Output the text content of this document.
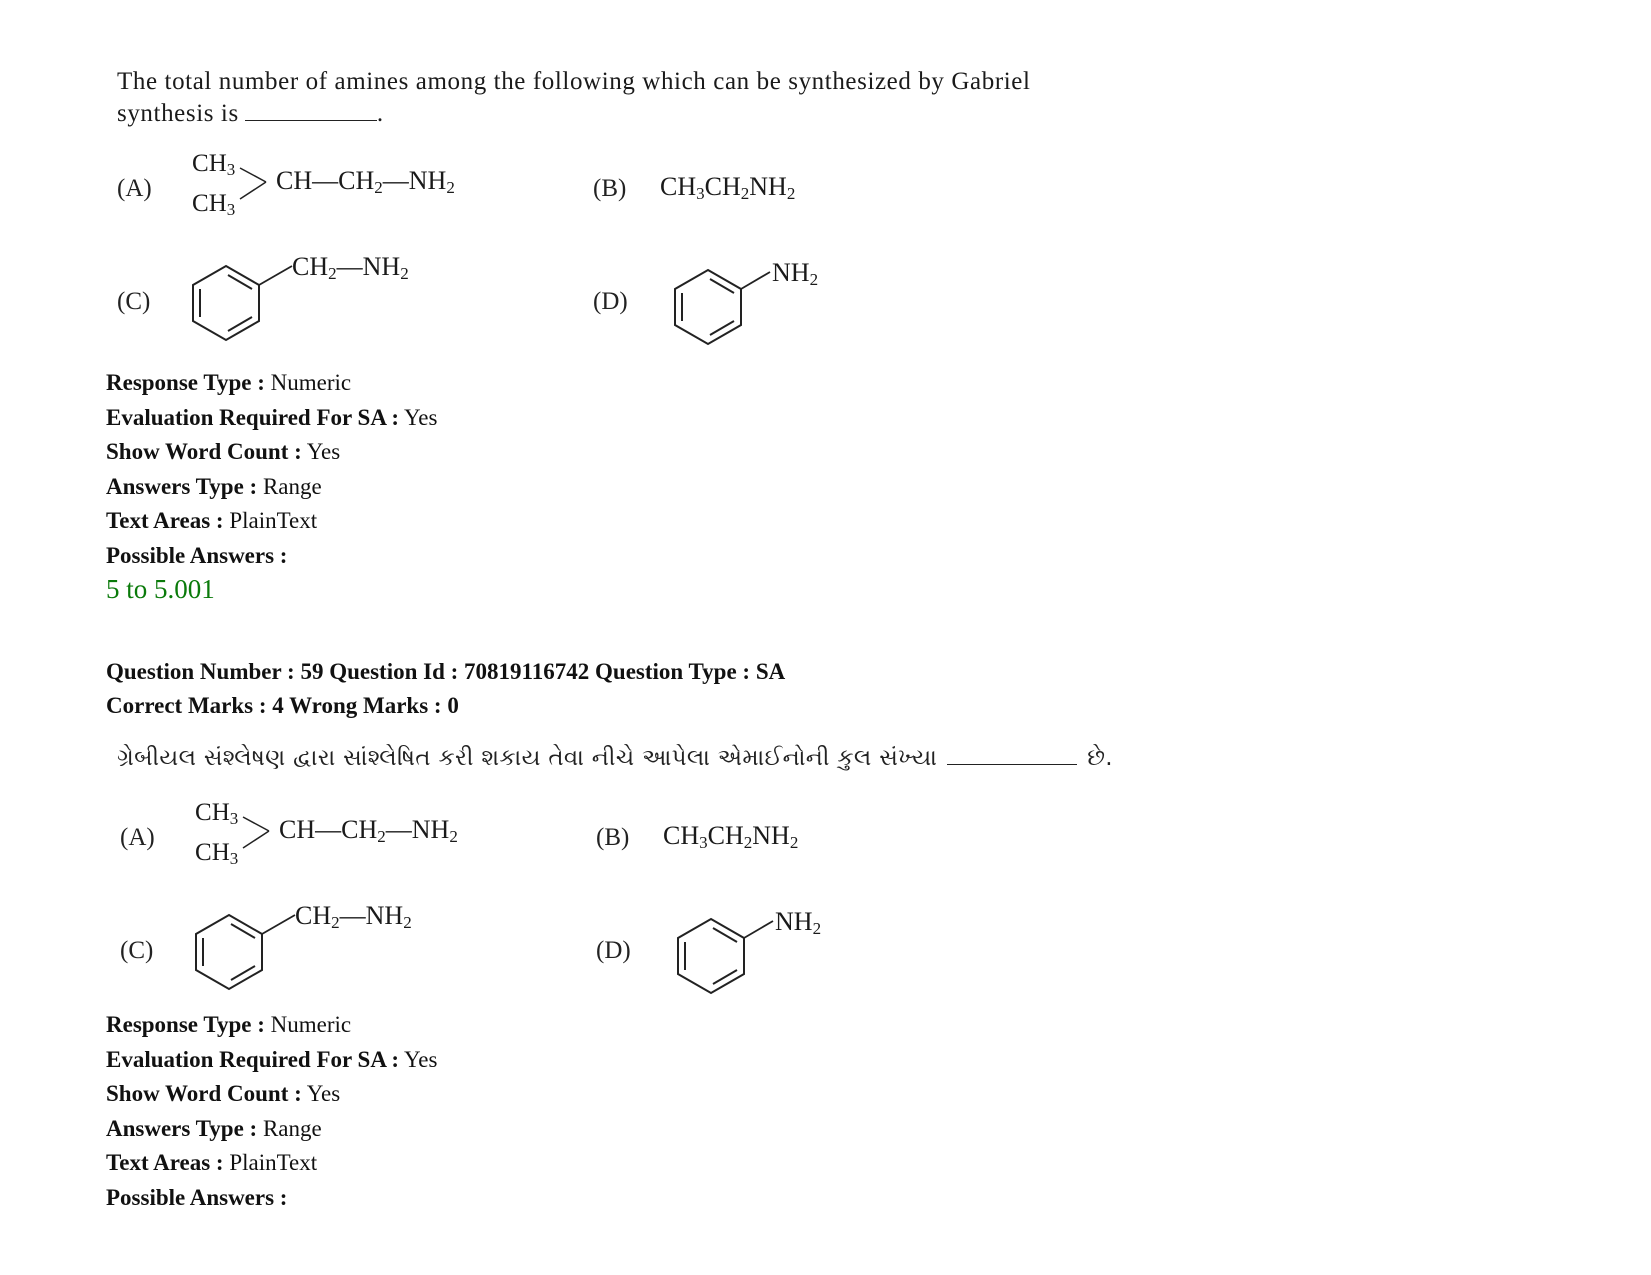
The total number of amines among the following which can be synthesized by Gabriel
synthesis is	.
(A)
$CH_3$
$CH_3$
$CH—CH_2—NH_2$	(B) $CH_3CH_2NH_2$
(C)
$CH_2—NH_2$
(D)
$NH_2$
Response Type : Numeric
Evaluation Required For SA : Yes
Show Word Count : Yes
Answers Type : Range
Text Areas : PlainText
Possible Answers :
5 to 5.001
Question Number : 59 Question Id : 70819116742 Question Type : SA
Correct Marks : 4 Wrong Marks : 0
ગ્રેબીયલ સંશ્લેષણ દ્વારા સાંશ્લેષિત કરી શકાય તેવા નીચે આપેલા એમાઈનોની કુલ સંખ્યા	છે.
(A)
$CH_3$
$CH_3$
$CH—CH_2—NH_2$	(B) $CH_3CH_2NH_2$
(C)
$CH_2—NH_2$
(D)
$NH_2$
Response Type : Numeric
Evaluation Required For SA : Yes
Show Word Count : Yes
Answers Type : Range
Text Areas : PlainText
Possible Answers :
